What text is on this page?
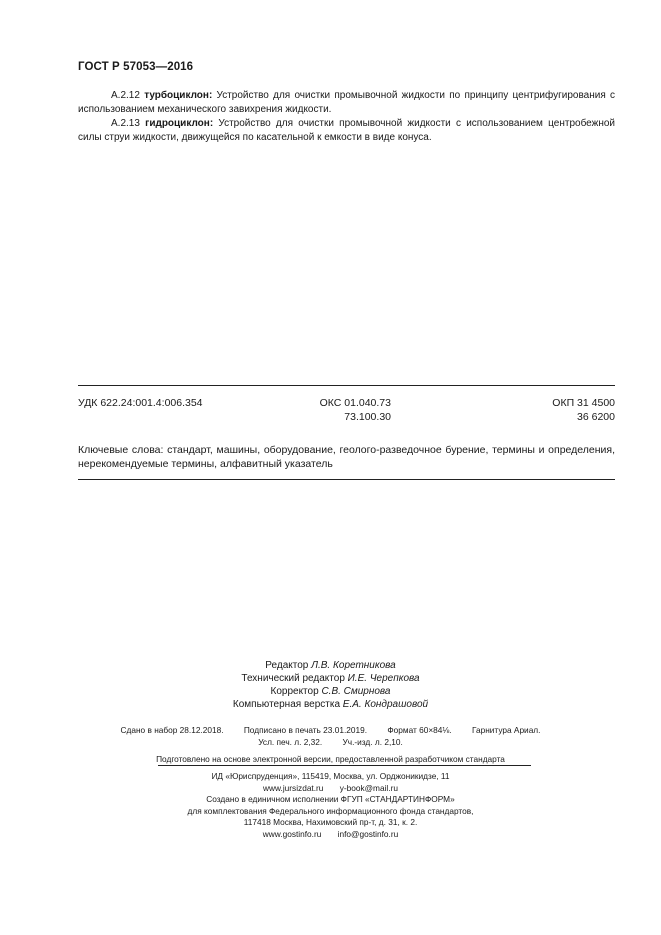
ГОСТ Р 57053—2016
А.2.12 турбоциклон: Устройство для очистки промывочной жидкости по принципу центрифугирования с использованием механического завихрения жидкости.
А.2.13 гидроциклон: Устройство для очистки промывочной жидкости с использованием центробежной силы струи жидкости, движущейся по касательной к емкости в виде конуса.
УДК 622.24:001.4:006.354	ОКС 01.040.73
73.100.30
ОКП 31 4500
36 6200
Ключевые слова: стандарт, машины, оборудование, геолого-разведочное бурение, термины и определения, нерекомендуемые термины, алфавитный указатель
Редактор Л.В. Коретникова
Технический редактор И.Е. Черепкова
Корректор С.В. Смирнова
Компьютерная верстка Е.А. Кондрашовой
Сдано в набор 28.12.2018. Подписано в печать 23.01.2019. Формат 60×84⅛. Гарнитура Ариал.
Усл. печ. л. 2,32. Уч.-изд. л. 2,10.
Подготовлено на основе электронной версии, предоставленной разработчиком стандарта
ИД «Юриспруденция», 115419, Москва, ул. Орджоникидзе, 11
www.jursizdat.ru y-book@mail.ru
Создано в единичном исполнении ФГУП «СТАНДАРТИНФОРМ»
для комплектования Федерального информационного фонда стандартов,
117418 Москва, Нахимовский пр-т, д. 31, к. 2.
www.gostinfo.ru info@gostinfo.ru
